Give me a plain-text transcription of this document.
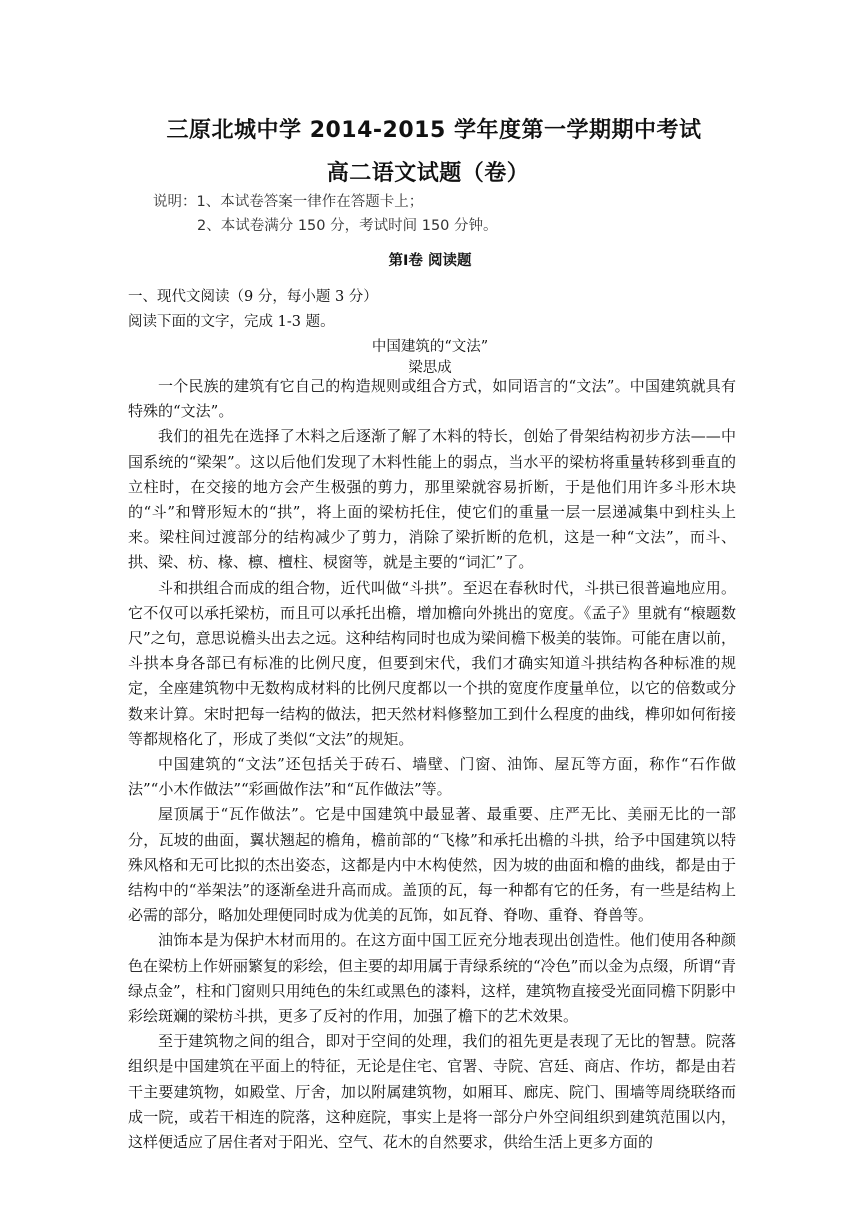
三原北城中学 2014-2015 学年度第一学期期中考试
高二语文试题（卷）
说明：1、本试卷答案一律作在答题卡上；
2、本试卷满分 150 分，考试时间 150 分钟。
第Ⅰ卷 阅读题
一、现代文阅读（9 分，每小题 3 分）
阅读下面的文字，完成 1-3 题。
中国建筑的“文法”
梁思成

一个民族的建筑有它自己的构造规则或组合方式，如同语言的“文法”。中国建筑就具有特殊的“文法”。

我们的祖先在选择了木料之后逐渐了解了木料的特长，创始了骨架结构初步方法——中国系统的“梁架”。这以后他们发现了木料性能上的弱点，当水平的梁枋将重量转移到垂直的立柱时，在交接的地方会产生极强的剪力，那里梁就容易折断，于是他们用许多斗形木块的“斗”和臂形短木的“拱”，将上面的梁枋托住，使它们的重量一层一层递减集中到柱头上来。梁柱间过渡部分的结构减少了剪力，消除了梁折断的危机，这是一种“文法”，而斗、拱、梁、枋、椽、檩、檀柱、棂窗等，就是主要的“词汇”了。

斗和拱组合而成的组合物，近代叫做“斗拱”。至迟在春秋时代，斗拱已很普遍地应用。它不仅可以承托梁枋，而且可以承托出檐，增加檐向外挑出的宽度。《孟子》里就有“榱题数尺”之句，意思说檐头出去之远。这种结构同时也成为梁间檐下极美的装饰。可能在唐以前，斗拱本身各部已有标准的比例尺度，但要到宋代，我们才确实知道斗拱结构各种标准的规定，全座建筑物中无数构成材料的比例尺度都以一个拱的宽度作度量单位，以它的倍数或分数来计算。宋时把每一结构的做法，把天然材料修整加工到什么程度的曲线，榫卯如何衔接等都规格化了，形成了类似“文法”的规矩。

中国建筑的“文法”还包括关于砖石、墙壁、门窗、油饰、屋瓦等方面，称作“石作做法”“小木作做法”“彩画做作法”和“瓦作做法”等。

屋顶属于“瓦作做法”。它是中国建筑中最显著、最重要、庄严无比、美丽无比的一部分，瓦坡的曲面，翼状翘起的檐角，檐前部的“飞椽”和承托出檐的斗拱，给予中国建筑以特殊风格和无可比拟的杰出姿态，这都是内中木构使然，因为坡的曲面和檐的曲线，都是由于结构中的“举架法”的逐渐垒进升高而成。盖顶的瓦，每一种都有它的任务，有一些是结构上必需的部分，略加处理便同时成为优美的瓦饰，如瓦脊、脊吻、重脊、脊兽等。

油饰本是为保护木材而用的。在这方面中国工匠充分地表现出创造性。他们使用各种颜色在梁枋上作妍丽繁复的彩绘，但主要的却用属于青绿系统的“冷色”而以金为点缀，所谓“青绿点金”，柱和门窗则只用纯色的朱红或黑色的漆料，这样，建筑物直接受光面同檐下阴影中彩绘斑斓的梁枋斗拱，更多了反衬的作用，加强了檐下的艺术效果。

至于建筑物之间的组合，即对于空间的处理，我们的祖先更是表现了无比的智慧。院落组织是中国建筑在平面上的特征，无论是住宅、官署、寺院、宫廷、商店、作坊，都是由若干主要建筑物，如殿堂、厅舍，加以附属建筑物，如厢耳、廊庑、院门、围墙等周绕联络而成一院，或若干相连的院落，这种庭院，事实上是将一部分户外空间组织到建筑范围以内，这样便适应了居住者对于阳光、空气、花木的自然要求，供给生活上更多方面的
